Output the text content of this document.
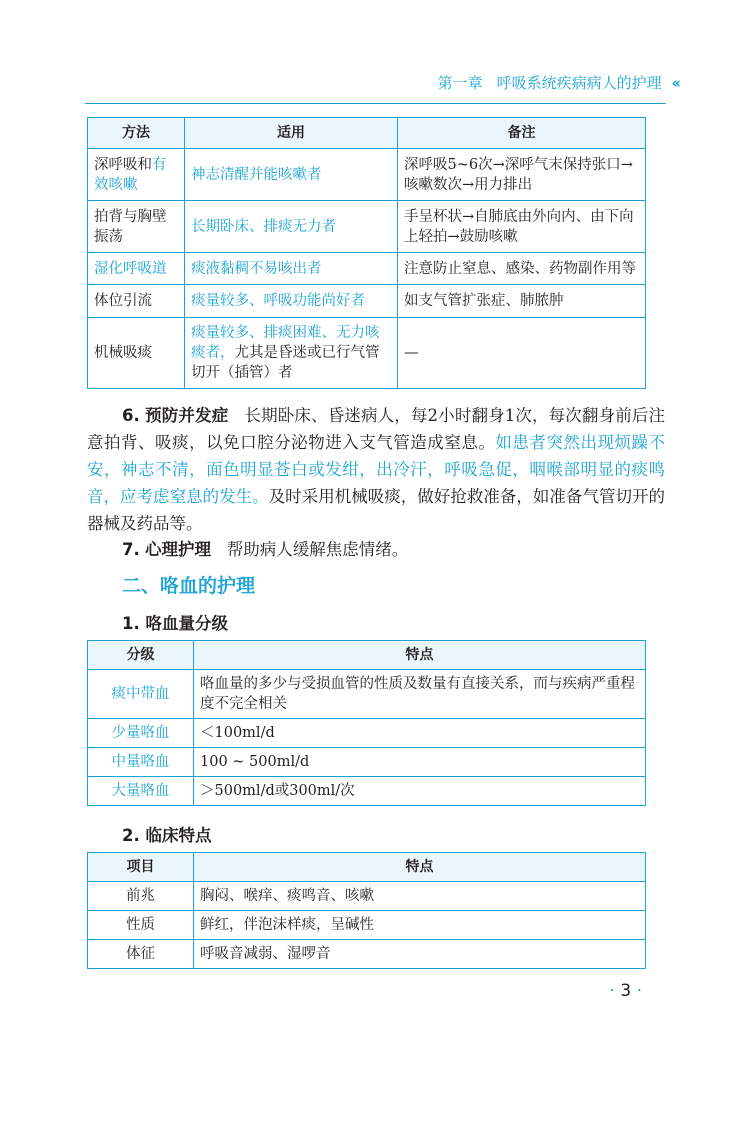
第一章 呼吸系统疾病病人的护理 ‹‹
方法	适用	备注
深呼吸和有效咳嗽	神志清醒并能咳嗽者	深呼吸5~6次→深呼气末保持张口→咳嗽数次→用力排出
拍背与胸壁振荡	长期卧床、排痰无力者	手呈杯状→自肺底由外向内、由下向上轻拍→鼓励咳嗽
湿化呼吸道	痰液黏稠不易咳出者	注意防止窒息、感染、药物副作用等
体位引流	痰量较多、呼吸功能尚好者	如支气管扩张症、肺脓肿
机械吸痰	痰量较多、排痰困难、无力咳痰者，尤其是昏迷或已行气管切开（插管）者	—
6. 预防并发症 长期卧床、昏迷病人，每2小时翻身1次，每次翻身前后注意拍背、吸痰，以免口腔分泌物进入支气管造成窒息。如患者突然出现烦躁不安，神志不清，面色明显苍白或发绀，出冷汗，呼吸急促，咽喉部明显的痰鸣音，应考虑窒息的发生。及时采用机械吸痰，做好抢救准备，如准备气管切开的器械及药品等。
7. 心理护理 帮助病人缓解焦虑情绪。
二、咯血的护理
1. 咯血量分级
分级	特点
痰中带血	咯血量的多少与受损血管的性质及数量有直接关系，而与疾病严重程度不完全相关
少量咯血	＜100ml/d
中量咯血	100 ~ 500ml/d
大量咯血	＞500ml/d或300ml/次
2. 临床特点
项目	特点
前兆	胸闷、喉痒、痰鸣音、咳嗽
性质	鲜红，伴泡沫样痰，呈碱性
体征	呼吸音减弱、湿啰音
· 3 ·
